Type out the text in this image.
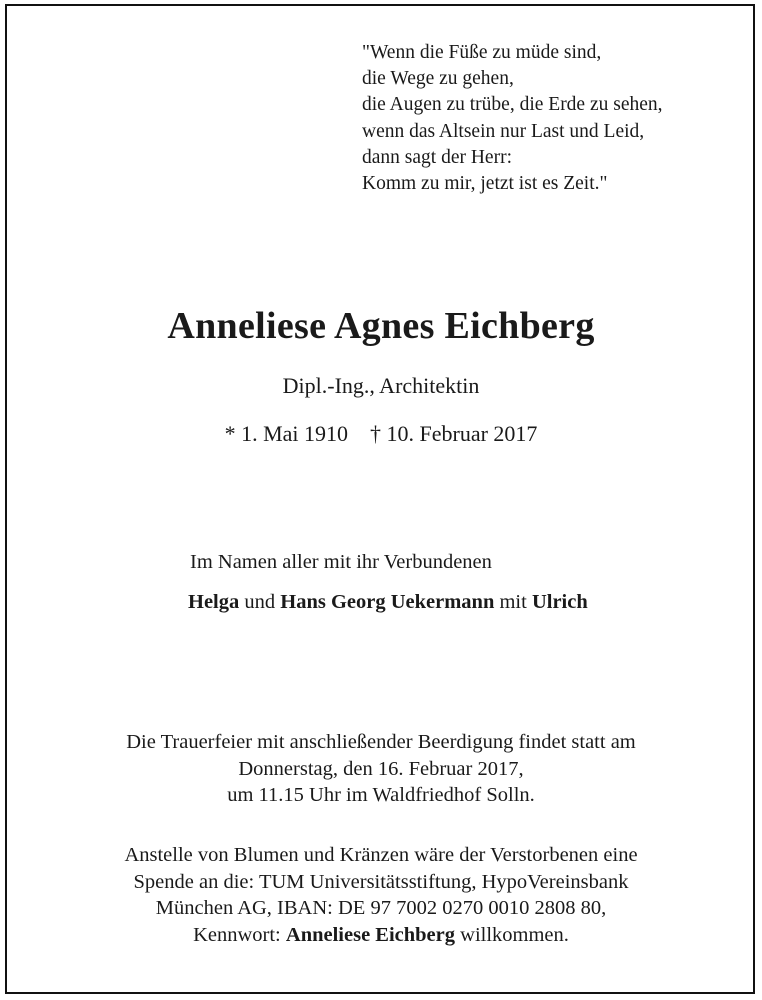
"Wenn die Füße zu müde sind,
die Wege zu gehen,
die Augen zu trübe, die Erde zu sehen,
wenn das Altsein nur Last und Leid,
dann sagt der Herr:
Komm zu mir, jetzt ist es Zeit."
Anneliese Agnes Eichberg
Dipl.-Ing., Architektin
* 1. Mai 1910 † 10. Februar 2017
Im Namen aller mit ihr Verbundenen
Helga und Hans Georg Uekermann mit Ulrich
Die Trauerfeier mit anschließender Beerdigung findet statt am
Donnerstag, den 16. Februar 2017,
um 11.15 Uhr im Waldfriedhof Solln.
Anstelle von Blumen und Kränzen wäre der Verstorbenen eine
Spende an die: TUM Universitätsstiftung, HypoVereinsbank
München AG, IBAN: DE 97 7002 0270 0010 2808 80,
Kennwort: Anneliese Eichberg willkommen.
